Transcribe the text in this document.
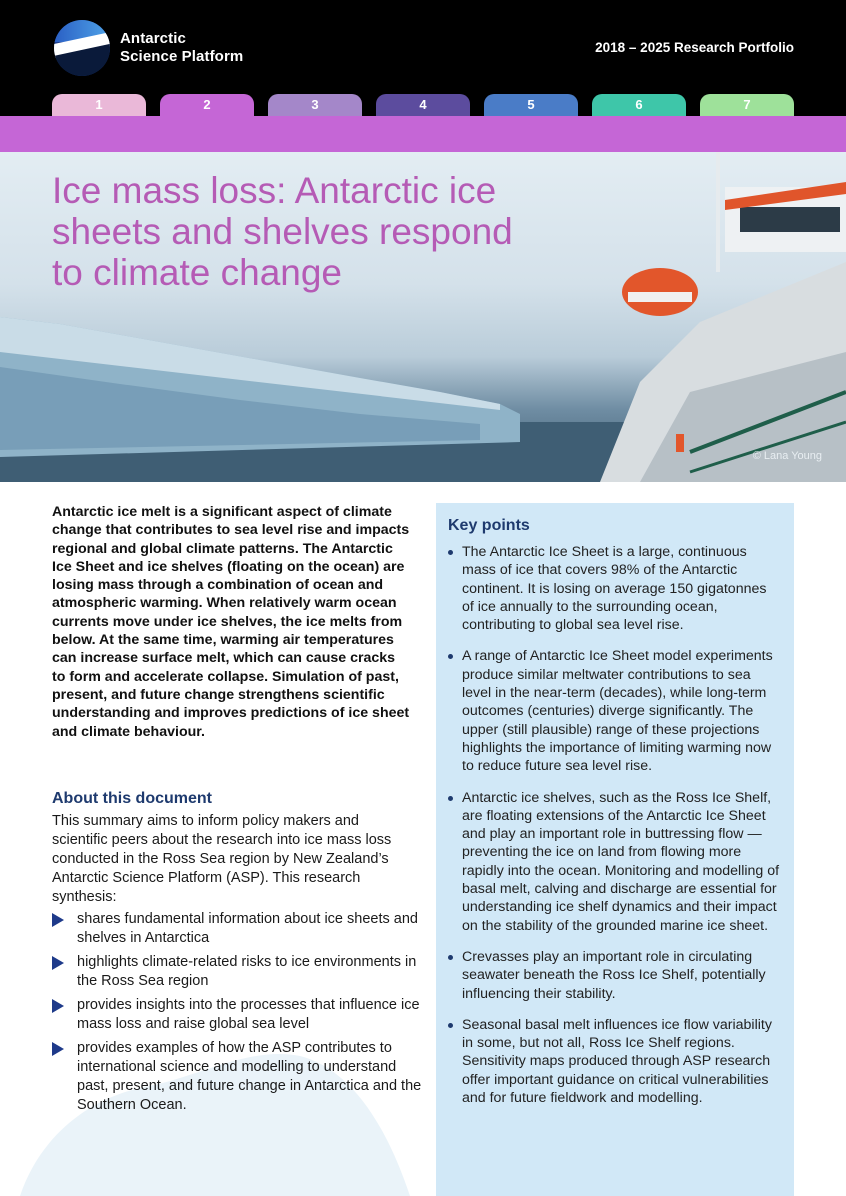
Antarctic
Science Platform
2018 – 2025 Research Portfolio
1	2	3	4	5	6	7
Ice mass loss: Antarctic ice sheets and shelves respond to climate change
© Lana Young
Antarctic ice melt is a significant aspect of climate change that contributes to sea level rise and impacts regional and global climate patterns. The Antarctic Ice Sheet and ice shelves (floating on the ocean) are losing mass through a combination of ocean and atmospheric warming. When relatively warm ocean currents move under ice shelves, the ice melts from below. At the same time, warming air temperatures can increase surface melt, which can cause cracks to form and accelerate collapse. Simulation of past, present, and future change strengthens scientific understanding and improves predictions of ice sheet and climate behaviour.
About this document
This summary aims to inform policy makers and scientific peers about the research into ice mass loss conducted in the Ross Sea region by New Zealand’s Antarctic Science Platform (ASP). This research synthesis:
shares fundamental information about ice sheets and shelves in Antarctica
highlights climate-related risks to ice environments in the Ross Sea region
provides insights into the processes that influence ice mass loss and raise global sea level
provides examples of how the ASP contributes to international science and modelling to understand past, present, and future change in Antarctica and the Southern Ocean.
Key points
The Antarctic Ice Sheet is a large, continuous mass of ice that covers 98% of the Antarctic continent. It is losing on average 150 gigatonnes of ice annually to the surrounding ocean, contributing to global sea level rise.
A range of Antarctic Ice Sheet model experiments produce similar meltwater contributions to sea level in the near-term (decades), while long-term outcomes (centuries) diverge significantly. The upper (still plausible) range of these projections highlights the importance of limiting warming now to reduce future sea level rise.
Antarctic ice shelves, such as the Ross Ice Shelf, are floating extensions of the Antarctic Ice Sheet and play an important role in buttressing flow — preventing the ice on land from flowing more rapidly into the ocean. Monitoring and modelling of basal melt, calving and discharge are essential for understanding ice shelf dynamics and their impact on the stability of the grounded marine ice sheet.
Crevasses play an important role in circulating seawater beneath the Ross Ice Shelf, potentially influencing their stability.
Seasonal basal melt influences ice flow variability in some, but not all, Ross Ice Shelf regions. Sensitivity maps produced through ASP research offer important guidance on critical vulnerabilities and for future fieldwork and modelling.
